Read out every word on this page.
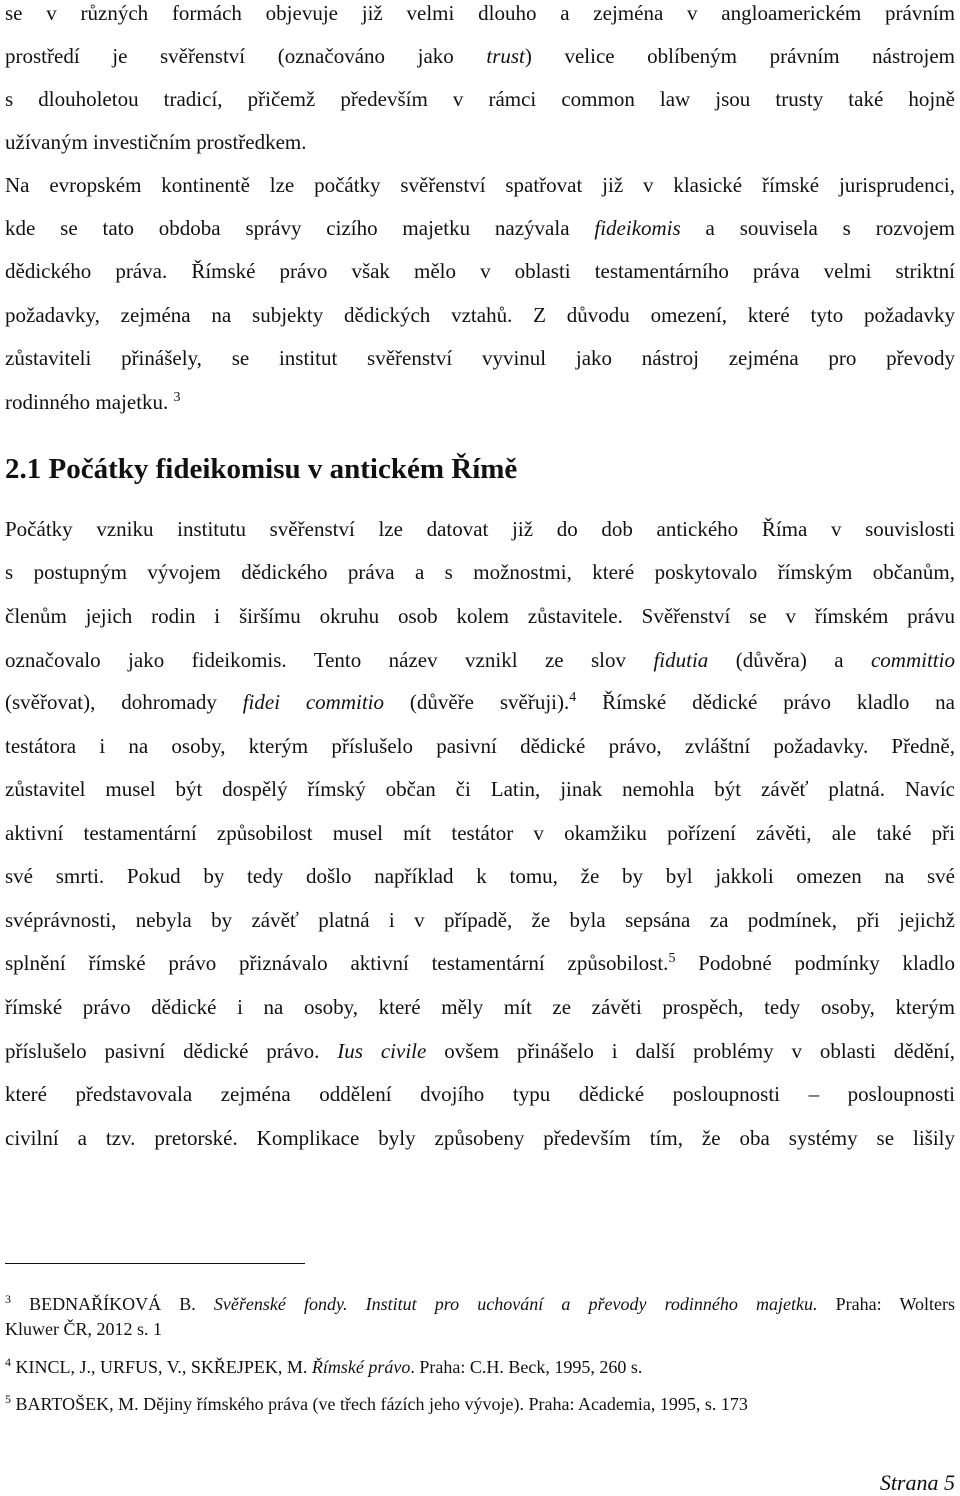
se v různých formách objevuje již velmi dlouho a zejména v angloamerickém právním
prostředí je svěřenství (označováno jako trust) velice oblíbeným právním nástrojem
s dlouholetou tradicí, přičemž především v rámci common law jsou trusty také hojně
užívaným investičním prostředkem.
Na evropském kontinentě lze počátky svěřenství spatřovat již v klasické římské jurisprudenci,
kde se tato obdoba správy cizího majetku nazývala fideikomis a souvisela s rozvojem
dědického práva. Římské právo však mělo v oblasti testamentárního práva velmi striktní
požadavky, zejména na subjekty dědických vztahů. Z důvodu omezení, které tyto požadavky
zůstaviteli přinášely, se institut svěřenství vyvinul jako nástroj zejména pro převody
rodinného majetku. $^3$
2.1 Počátky fideikomisu v antickém Římě
Počátky vzniku institutu svěřenství lze datovat již do dob antického Říma v souvislosti
s postupným vývojem dědického práva a s možnostmi, které poskytovalo římským občanům,
členům jejich rodin i širšímu okruhu osob kolem zůstavitele. Svěřenství se v římském právu
označovalo jako fideikomis. Tento název vznikl ze slov fidutia (důvěra) a committio
(svěřovat), dohromady fidei commitio (důvěře svěřuji).$^4$ Římské dědické právo kladlo na
testátora i na osoby, kterým příslušelo pasivní dědické právo, zvláštní požadavky. Předně,
zůstavitel musel být dospělý římský občan či Latin, jinak nemohla být závěť platná. Navíc
aktivní testamentární způsobilost musel mít testátor v okamžiku pořízení závěti, ale také při
své smrti. Pokud by tedy došlo například k tomu, že by byl jakkoli omezen na své
svéprávnosti, nebyla by závěť platná i v případě, že byla sepsána za podmínek, při jejichž
splnění římské právo přiznávalo aktivní testamentární způsobilost.$^5$ Podobné podmínky kladlo
římské právo dědické i na osoby, které měly mít ze závěti prospěch, tedy osoby, kterým
příslušelo pasivní dědické právo. Ius civile ovšem přinášelo i další problémy v oblasti dědění,
které představovala zejména oddělení dvojího typu dědické posloupnosti – posloupnosti
civilní a tzv. pretorské. Komplikace byly způsobeny především tím, že oba systémy se lišily
$^3$ BEDNAŘÍKOVÁ B. Svěřenské fondy. Institut pro uchování a převody rodinného majetku. Praha: Wolters
Kluwer ČR, 2012 s. 1
$^4$ KINCL, J., URFUS, V., SKŘEJPEK, M. Římské právo. Praha: C.H. Beck, 1995, 260 s.
$^5$ BARTOŠEK, M. Dějiny římského práva (ve třech fázích jeho vývoje). Praha: Academia, 1995, s. 173
Strana 5
